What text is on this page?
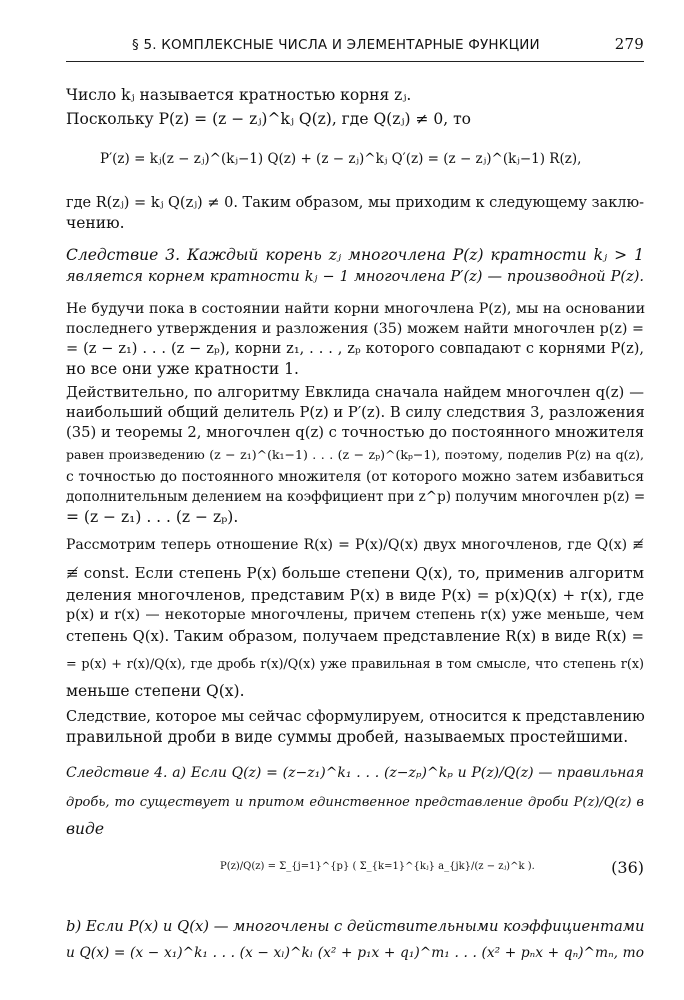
§ 5. КОМПЛЕКСНЫЕ ЧИСЛА И ЭЛЕМЕНТАРНЫЕ ФУНКЦИИ	279
Число kⱼ называется кратностью корня zⱼ.
Поскольку P(z) = (z − zⱼ)^kⱼ Q(z), где Q(zⱼ) ≠ 0, то
P′(z) = kⱼ(z − zⱼ)^(kⱼ−1) Q(z) + (z − zⱼ)^kⱼ Q′(z) = (z − zⱼ)^(kⱼ−1) R(z),
где R(zⱼ) = kⱼ Q(zⱼ) ≠ 0. Таким образом, мы приходим к следующему заклю-
чению.
Следствие 3. Каждый корень zⱼ многочлена P(z) кратности kⱼ > 1
является корнем кратности kⱼ − 1 многочлена P′(z) — производной P(z).
Не будучи пока в состоянии найти корни многочлена P(z), мы на основании
последнего утверждения и разложения (35) можем найти многочлен p(z) =
= (z − z₁) . . . (z − zₚ), корни z₁, . . . , zₚ которого совпадают с корнями P(z),
но все они уже кратности 1.
Действительно, по алгоритму Евклида сначала найдем многочлен q(z) —
наибольший общий делитель P(z) и P′(z). В силу следствия 3, разложения
(35) и теоремы 2, многочлен q(z) с точностью до постоянного множителя
равен произведению (z − z₁)^(k₁−1) . . . (z − zₚ)^(kₚ−1), поэтому, поделив P(z) на q(z),
с точностью до постоянного множителя (от которого можно затем избавиться
дополнительным делением на коэффициент при z^p) получим многочлен p(z) =
= (z − z₁) . . . (z − zₚ).
Рассмотрим теперь отношение R(x) = P(x)/Q(x) двух многочленов, где Q(x) ≢
≢ const. Если степень P(x) больше степени Q(x), то, применив алгоритм
деления многочленов, представим P(x) в виде P(x) = p(x)Q(x) + r(x), где
p(x) и r(x) — некоторые многочлены, причем степень r(x) уже меньше, чем
степень Q(x). Таким образом, получаем представление R(x) в виде R(x) =
= p(x) + r(x)/Q(x), где дробь r(x)/Q(x) уже правильная в том смысле, что степень r(x)
меньше степени Q(x).
Следствие, которое мы сейчас сформулируем, относится к представлению
правильной дроби в виде суммы дробей, называемых простейшими.
Следствие 4. a) Если Q(z) = (z−z₁)^k₁ . . . (z−zₚ)^kₚ и P(z)/Q(z) — правильная
дробь, то существует и притом единственное представление дроби P(z)/Q(z) в
виде
P(z)/Q(z) = Σ_{j=1}^{p} ( Σ_{k=1}^{kⱼ} a_{jk}/(z − zⱼ)^k ).	(36)
b) Если P(x) и Q(x) — многочлены с действительными коэффициентами
и Q(x) = (x − x₁)^k₁ . . . (x − xₗ)^kₗ (x² + p₁x + q₁)^m₁ . . . (x² + pₙx + qₙ)^mₙ, то
